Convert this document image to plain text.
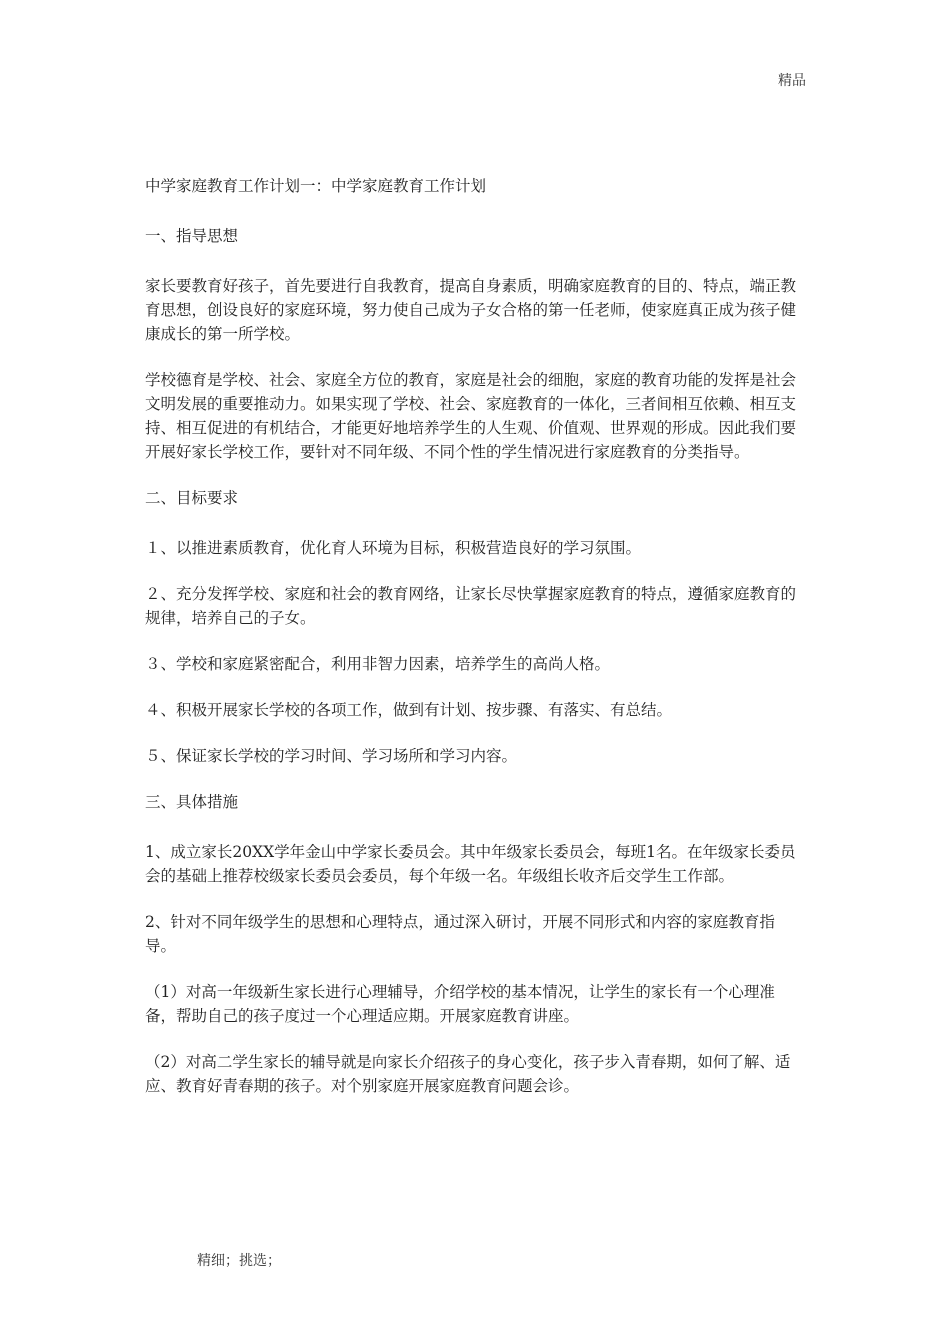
精品

中学家庭教育工作计划一：中学家庭教育工作计划

一、指导思想

家长要教育好孩子，首先要进行自我教育，提高自身素质，明确家庭教育的目的、特点，端正教育思想，创设良好的家庭环境，努力使自己成为子女合格的第一任老师，使家庭真正成为孩子健康成长的第一所学校。

学校德育是学校、社会、家庭全方位的教育，家庭是社会的细胞，家庭的教育功能的发挥是社会文明发展的重要推动力。如果实现了学校、社会、家庭教育的一体化，三者间相互依赖、相互支持、相互促进的有机结合，才能更好地培养学生的人生观、价值观、世界观的形成。因此我们要开展好家长学校工作，要针对不同年级、不同个性的学生情况进行家庭教育的分类指导。

二、目标要求

１、以推进素质教育，优化育人环境为目标，积极营造良好的学习氛围。

２、充分发挥学校、家庭和社会的教育网络，让家长尽快掌握家庭教育的特点，遵循家庭教育的规律，培养自己的子女。

３、学校和家庭紧密配合，利用非智力因素，培养学生的高尚人格。

４、积极开展家长学校的各项工作，做到有计划、按步骤、有落实、有总结。

５、保证家长学校的学习时间、学习场所和学习内容。

三、具体措施

1、成立家长20XX学年金山中学家长委员会。其中年级家长委员会，每班1名。在年级家长委员会的基础上推荐校级家长委员会委员，每个年级一名。年级组长收齐后交学生工作部。

2、针对不同年级学生的思想和心理特点，通过深入研讨，开展不同形式和内容的家庭教育指导。

（1）对高一年级新生家长进行心理辅导，介绍学校的基本情况，让学生的家长有一个心理准备，帮助自己的孩子度过一个心理适应期。开展家庭教育讲座。

（2）对高二学生家长的辅导就是向家长介绍孩子的身心变化，孩子步入青春期，如何了解、适应、教育好青春期的孩子。对个别家庭开展家庭教育问题会诊。

精细；挑选；
